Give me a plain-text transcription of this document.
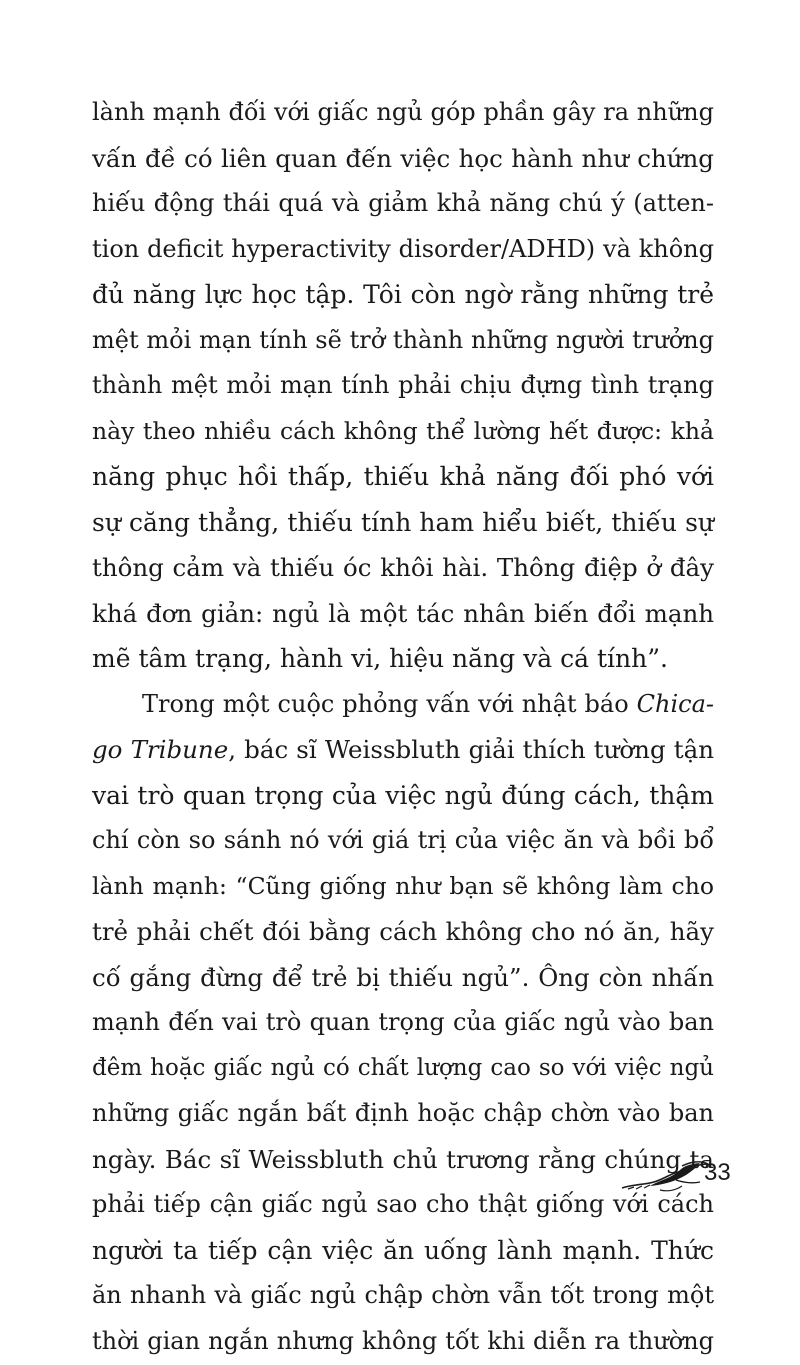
lành mạnh đối với giấc ngủ góp phần gây ra những
vấn đề có liên quan đến việc học hành như chứng
hiếu động thái quá và giảm khả năng chú ý (atten-
tion deficit hyperactivity disorder/ADHD) và không
đủ năng lực học tập. Tôi còn ngờ rằng những trẻ
mệt mỏi mạn tính sẽ trở thành những người trưởng
thành mệt mỏi mạn tính phải chịu đựng tình trạng
này theo nhiều cách không thể lường hết được: khả
năng phục hồi thấp, thiếu khả năng đối phó với
sự căng thẳng, thiếu tính ham hiểu biết, thiếu sự
thông cảm và thiếu óc khôi hài. Thông điệp ở đây
khá đơn giản: ngủ là một tác nhân biến đổi mạnh
mẽ tâm trạng, hành vi, hiệu năng và cá tính”.
Trong một cuộc phỏng vấn với nhật báo Chica-
go Tribune, bác sĩ Weissbluth giải thích tường tận
vai trò quan trọng của việc ngủ đúng cách, thậm
chí còn so sánh nó với giá trị của việc ăn và bồi bổ
lành mạnh: “Cũng giống như bạn sẽ không làm cho
trẻ phải chết đói bằng cách không cho nó ăn, hãy
cố gắng đừng để trẻ bị thiếu ngủ”. Ông còn nhấn
mạnh đến vai trò quan trọng của giấc ngủ vào ban
đêm hoặc giấc ngủ có chất lượng cao so với việc ngủ
những giấc ngắn bất định hoặc chập chờn vào ban
ngày. Bác sĩ Weissbluth chủ trương rằng chúng ta
phải tiếp cận giấc ngủ sao cho thật giống với cách
người ta tiếp cận việc ăn uống lành mạnh. Thức
ăn nhanh và giấc ngủ chập chờn vẫn tốt trong một
thời gian ngắn nhưng không tốt khi diễn ra thường
33
